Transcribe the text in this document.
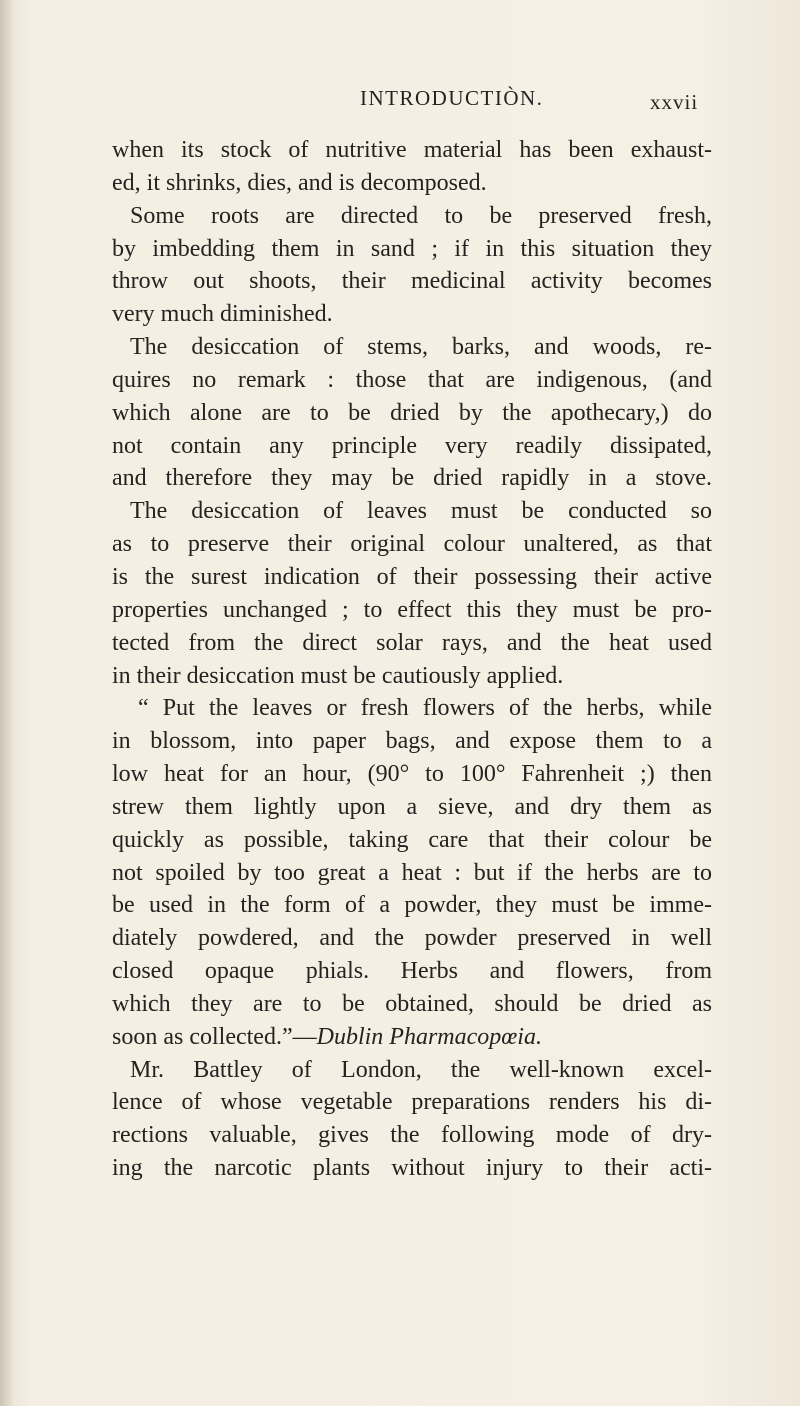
INTRODUCTIÒN.	xxvii
when its stock of nutritive material has been exhaust-
ed, it shrinks, dies, and is decomposed.
Some roots are directed to be preserved fresh,
by imbedding them in sand ; if in this situation they
throw out shoots, their medicinal activity becomes
very much diminished.
The desiccation of stems, barks, and woods, re-
quires no remark : those that are indigenous, (and
which alone are to be dried by the apothecary,) do
not contain any principle very readily dissipated,
and therefore they may be dried rapidly in a stove.
The desiccation of leaves must be conducted so
as to preserve their original colour unaltered, as that
is the surest indication of their possessing their active
properties unchanged ; to effect this they must be pro-
tected from the direct solar rays, and the heat used
in their desiccation must be cautiously applied.
“ Put the leaves or fresh flowers of the herbs, while
in blossom, into paper bags, and expose them to a
low heat for an hour, (90° to 100° Fahrenheit ;) then
strew them lightly upon a sieve, and dry them as
quickly as possible, taking care that their colour be
not spoiled by too great a heat : but if the herbs are to
be used in the form of a powder, they must be imme-
diately powdered, and the powder preserved in well
closed opaque phials. Herbs and flowers, from
which they are to be obtained, should be dried as
soon as collected.”—Dublin Pharmacopœia.
Mr. Battley of London, the well-known excel-
lence of whose vegetable preparations renders his di-
rections valuable, gives the following mode of dry-
ing the narcotic plants without injury to their acti-
